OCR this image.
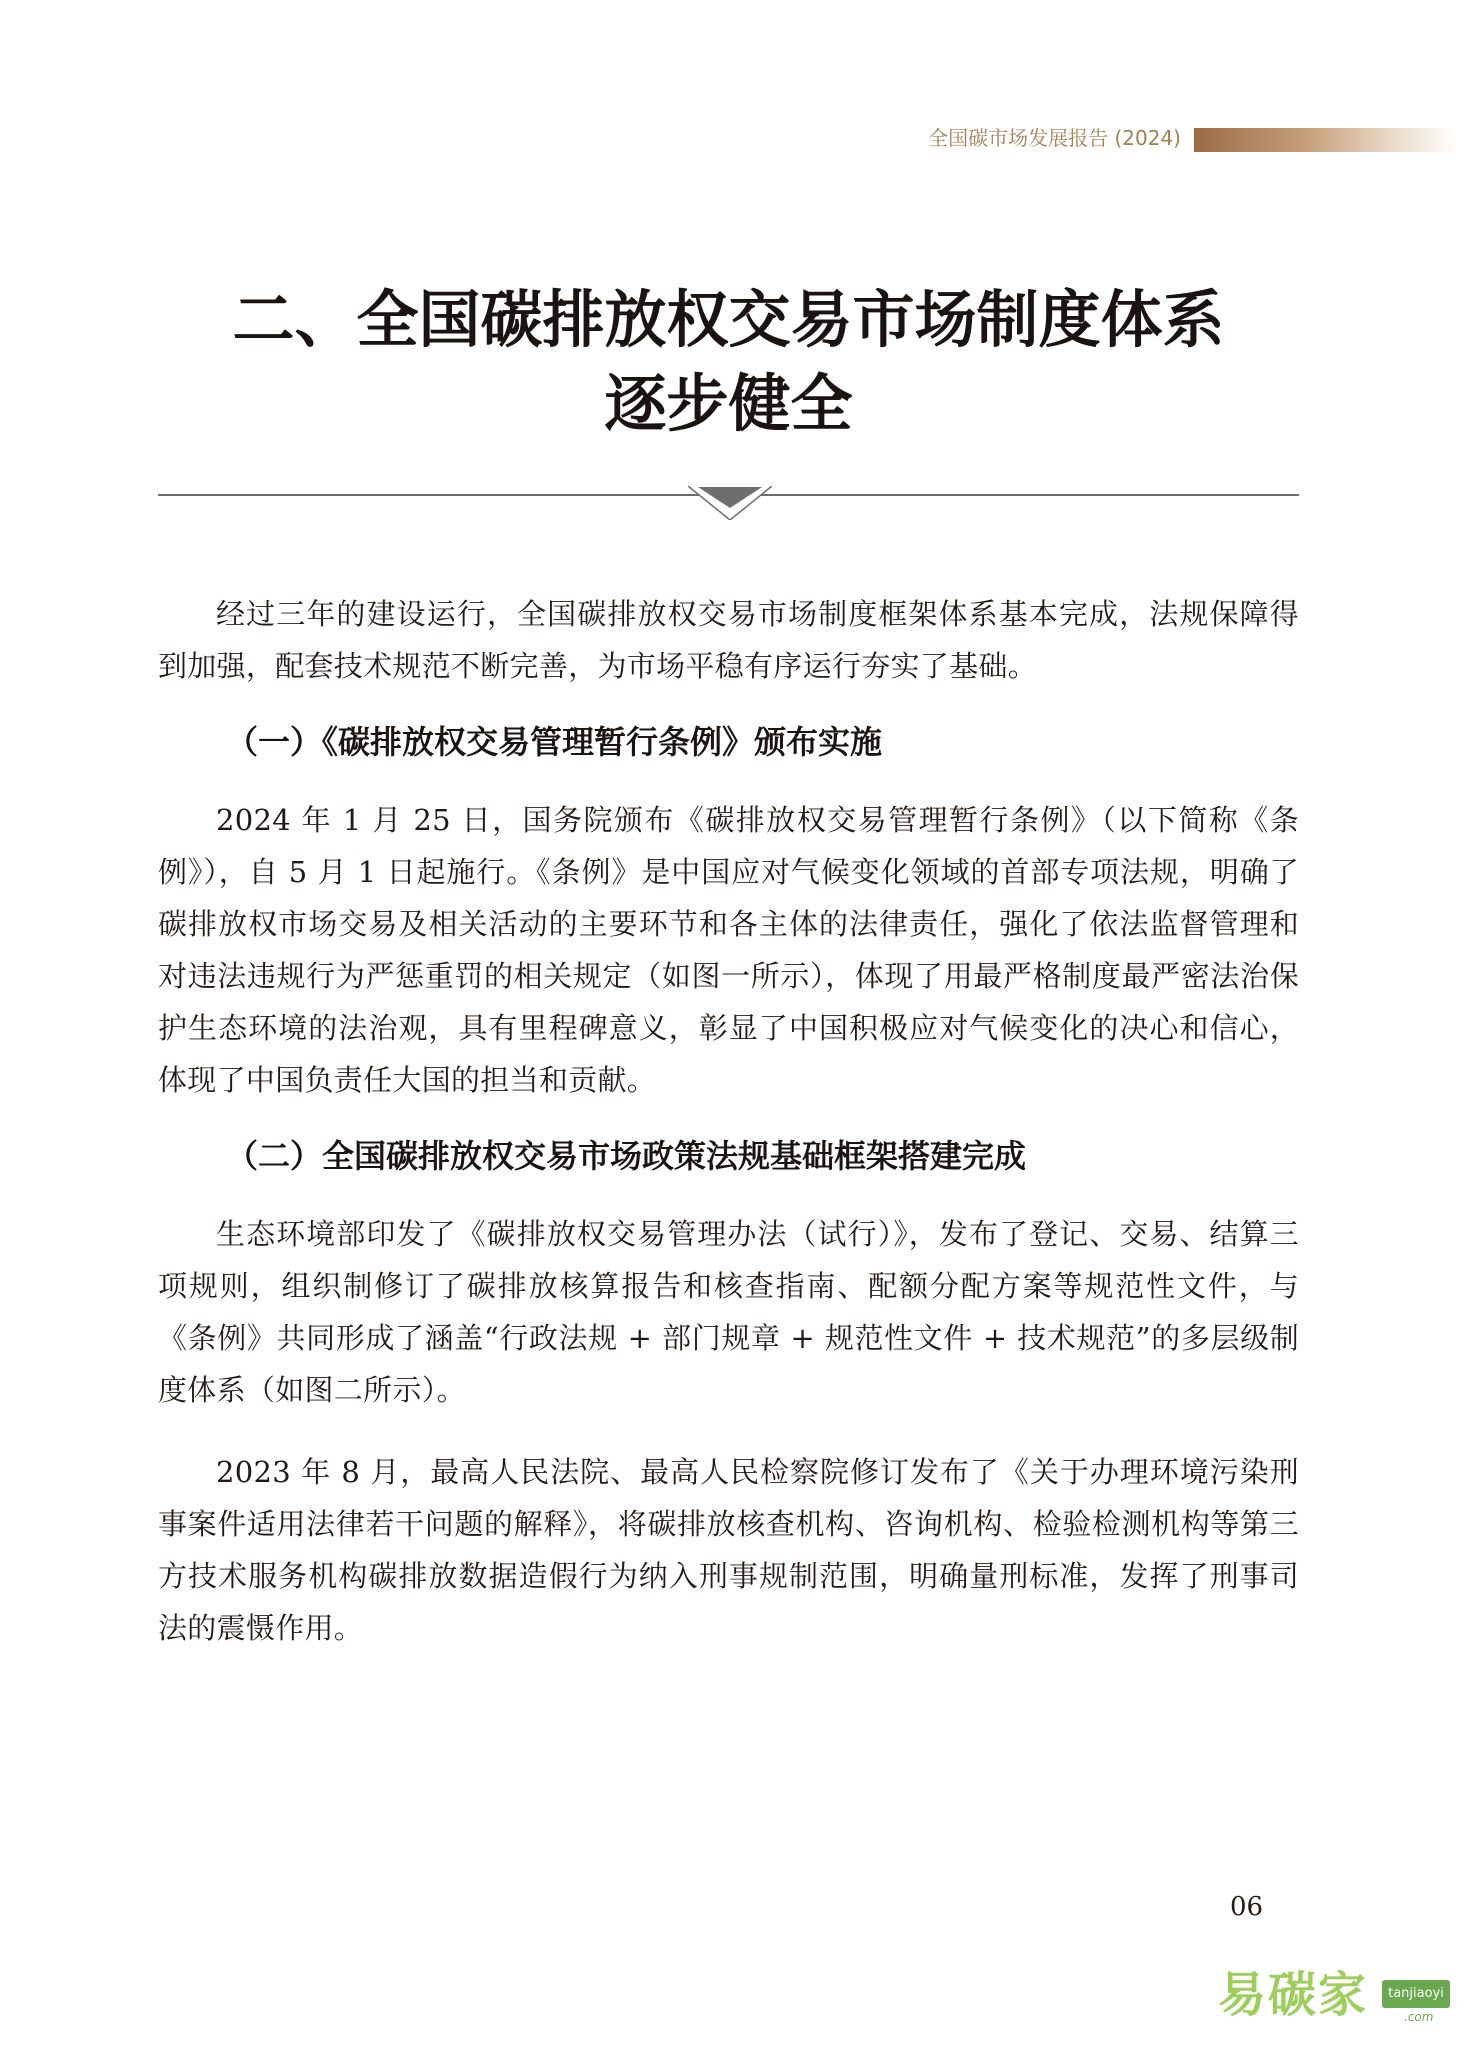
全国碳市场发展报告 (2024)
二、全国碳排放权交易市场制度体系
逐步健全

经过三年的建设运行，全国碳排放权交易市场制度框架体系基本完成，法规保障得到加强，配套技术规范不断完善，为市场平稳有序运行夯实了基础。

（一）《碳排放权交易管理暂行条例》颁布实施

2024 年 1 月 25 日，国务院颁布《碳排放权交易管理暂行条例》（以下简称《条例》），自 5 月 1 日起施行。《条例》是中国应对气候变化领域的首部专项法规，明确了碳排放权市场交易及相关活动的主要环节和各主体的法律责任，强化了依法监督管理和对违法违规行为严惩重罚的相关规定（如图一所示），体现了用最严格制度最严密法治保护生态环境的法治观，具有里程碑意义，彰显了中国积极应对气候变化的决心和信心，体现了中国负责任大国的担当和贡献。

（二）全国碳排放权交易市场政策法规基础框架搭建完成

生态环境部印发了《碳排放权交易管理办法（试行）》，发布了登记、交易、结算三项规则，组织制修订了碳排放核算报告和核查指南、配额分配方案等规范性文件，与《条例》共同形成了涵盖“行政法规 + 部门规章 + 规范性文件 + 技术规范”的多层级制度体系（如图二所示）。

2023 年 8 月，最高人民法院、最高人民检察院修订发布了《关于办理环境污染刑事案件适用法律若干问题的解释》，将碳排放核查机构、咨询机构、检验检测机构等第三方技术服务机构碳排放数据造假行为纳入刑事规制范围，明确量刑标准，发挥了刑事司法的震慑作用。

06
易碳家	tanjiaoyi
.com
